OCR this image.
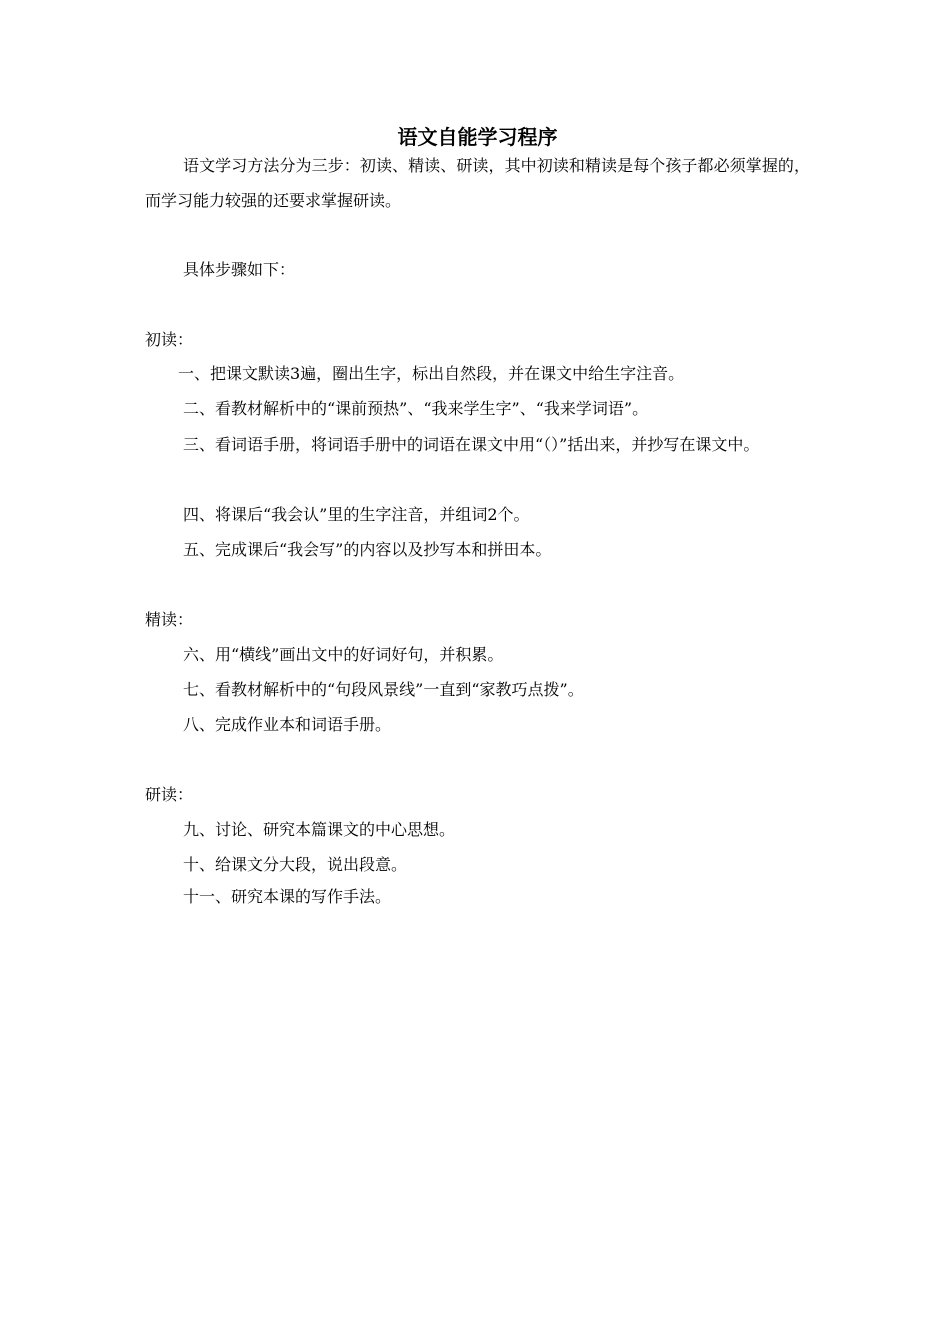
语文自能学习程序

语文学习方法分为三步：初读、精读、研读，其中初读和精读是每个孩子都必须掌握的，而学习能力较强的还要求掌握研读。

具体步骤如下：

初读：

一、把课文默读3遍，圈出生字，标出自然段，并在课文中给生字注音。

二、看教材解析中的“课前预热”、“我来学生字”、“我来学词语”。

三、看词语手册，将词语手册中的词语在课文中用“（）”括出来，并抄写在课文中。

四、将课后“我会认”里的生字注音，并组词2个。

五、完成课后“我会写”的内容以及抄写本和拼田本。

精读：

六、用“横线”画出文中的好词好句，并积累。

七、看教材解析中的“句段风景线”一直到“家教巧点拨”。

八、完成作业本和词语手册。

研读：

九、讨论、研究本篇课文的中心思想。

十、给课文分大段，说出段意。

十一、研究本课的写作手法。
